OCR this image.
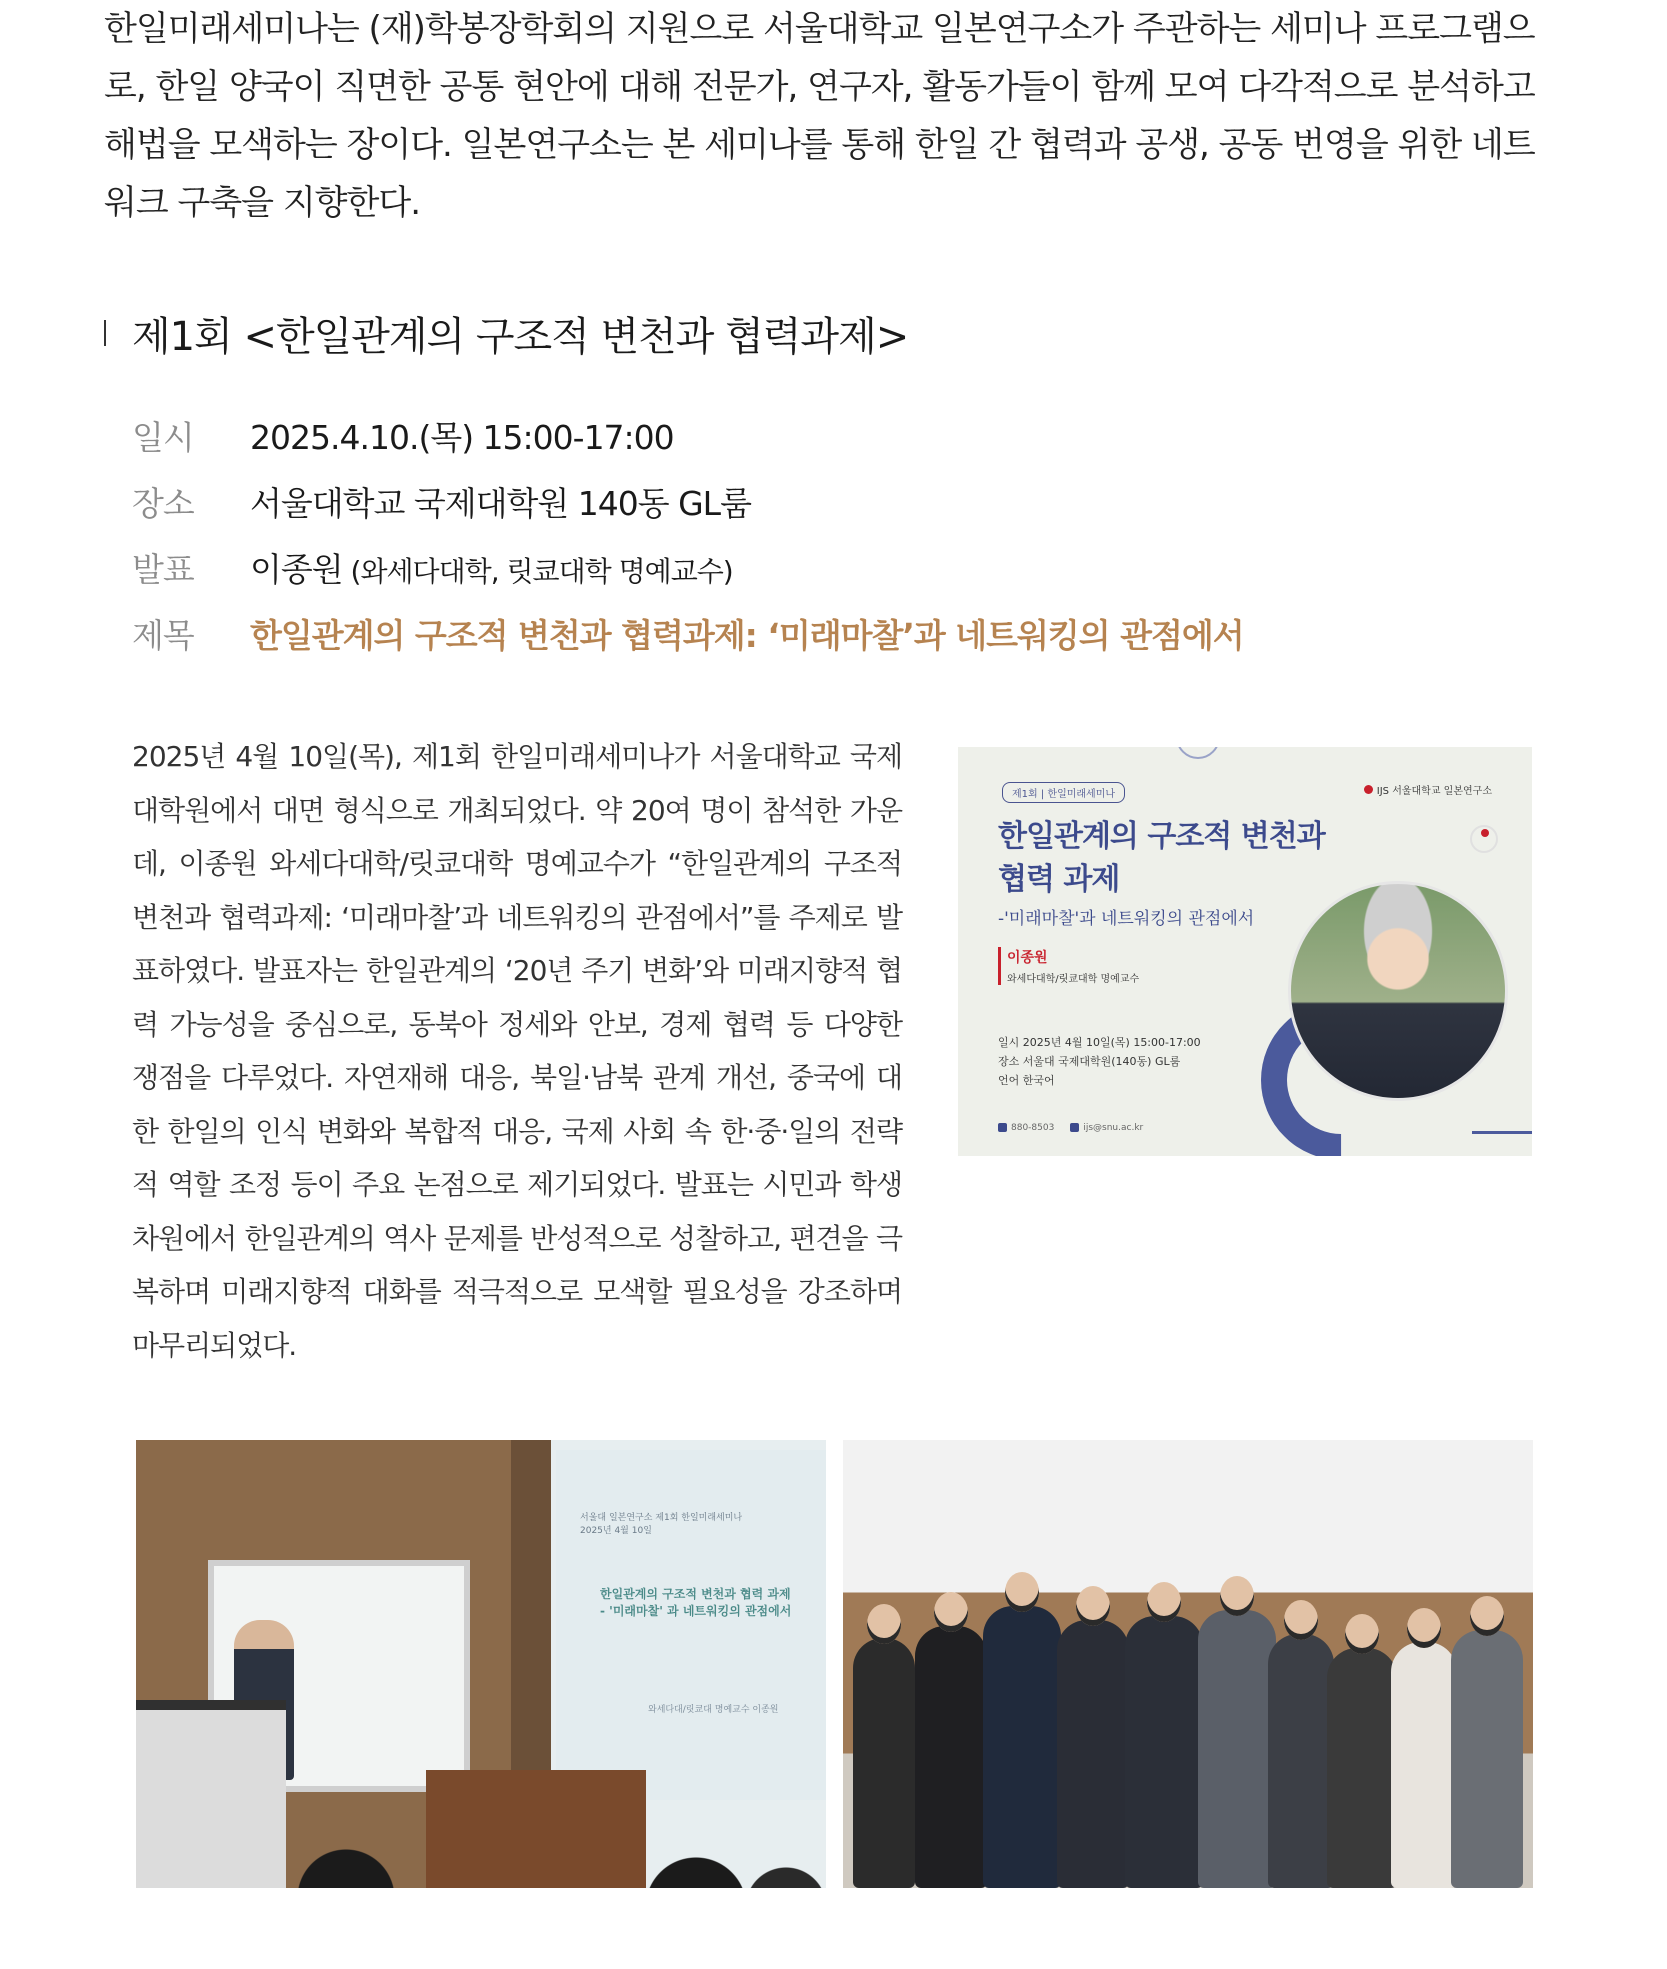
한일미래세미나는 (재)학봉장학회의 지원으로 서울대학교 일본연구소가 주관하는 세미나 프로그램으로, 한일 양국이 직면한 공통 현안에 대해 전문가, 연구자, 활동가들이 함께 모여 다각적으로 분석하고 해법을 모색하는 장이다. 일본연구소는 본 세미나를 통해 한일 간 협력과 공생, 공동 번영을 위한 네트워크 구축을 지향한다.

제1회 <한일관계의 구조적 변천과 협력과제>
일시	2025.4.10.(목) 15:00-17:00
장소	서울대학교 국제대학원 140동 GL룸
발표	이종원 (와세다대학, 릿쿄대학 명예교수)
제목	한일관계의 구조적 변천과 협력과제: ‘미래마찰’과 네트워킹의 관점에서

2025년 4월 10일(목), 제1회 한일미래세미나가 서울대학교 국제대학원에서 대면 형식으로 개최되었다. 약 20여 명이 참석한 가운데, 이종원 와세다대학/릿쿄대학 명예교수가 “한일관계의 구조적 변천과 협력과제: ‘미래마찰’과 네트워킹의 관점에서”를 주제로 발표하였다. 발표자는 한일관계의 ‘20년 주기 변화’와 미래지향적 협력 가능성을 중심으로, 동북아 정세와 안보, 경제 협력 등 다양한 쟁점을 다루었다. 자연재해 대응, 북일·남북 관계 개선, 중국에 대한 한일의 인식 변화와 복합적 대응, 국제 사회 속 한·중·일의 전략적 역할 조정 등이 주요 논점으로 제기되었다. 발표는 시민과 학생 차원에서 한일관계의 역사 문제를 반성적으로 성찰하고, 편견을 극복하며 미래지향적 대화를 적극적으로 모색할 필요성을 강조하며 마무리되었다.

제1회 | 한일미래세미나	IJS 서울대학교 일본연구소

한일관계의 구조적 변천과
협력 과제

-'미래마찰'과 네트워킹의 관점에서
이종원
와세다대학/릿쿄대학 명예교수
일시 2025년 4월 10일(목) 15:00-17:00
장소 서울대 국제대학원(140동) GL룸
언어 한국어
880-8503	ijs@snu.ac.kr
서울대 일본연구소 제1회 한일미래세미나
2025년 4월 10일
한일관계의 구조적 변천과 협력 과제
- '미래마찰' 과 네트워킹의 관점에서
와세다대/릿쿄대 명예교수 이종원
